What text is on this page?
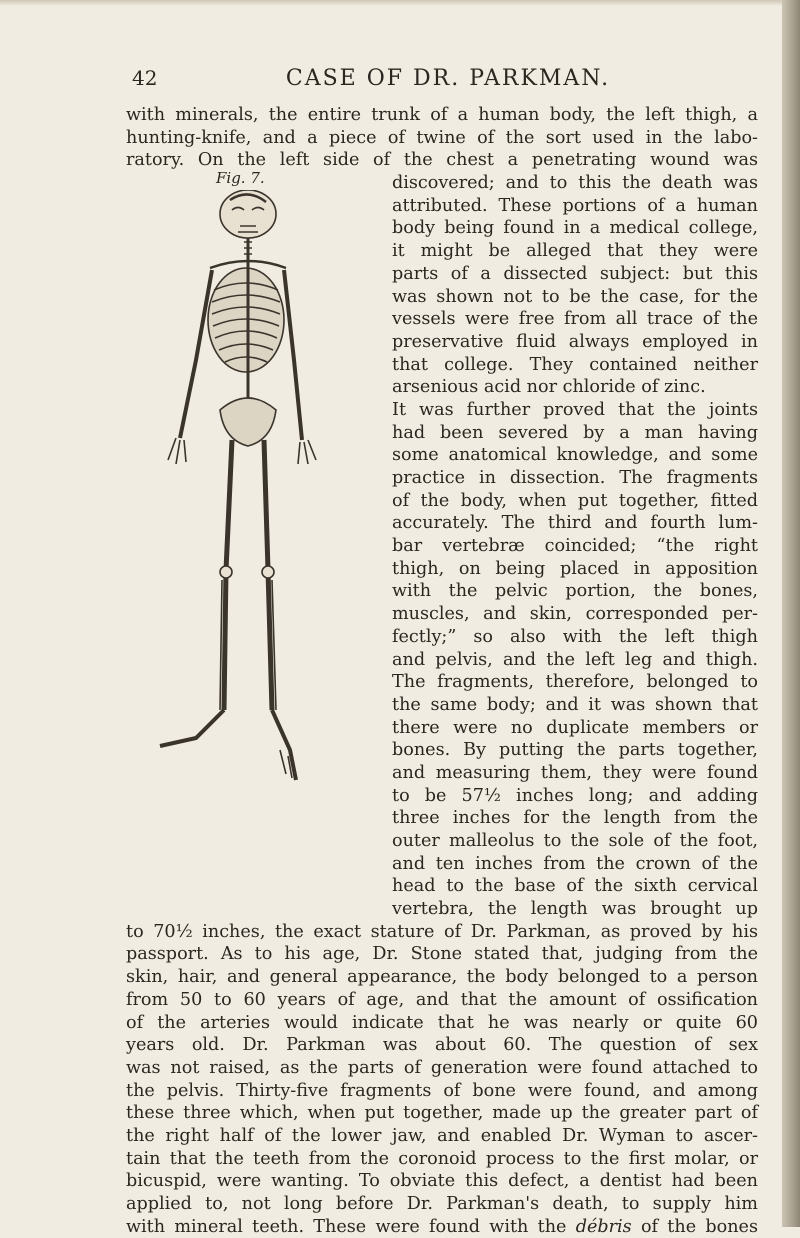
42	CASE OF DR. PARKMAN.
Fig. 7.
with minerals, the entire trunk of a human body, the left thigh, a
hunting-knife, and a piece of twine of the sort used in the labo-
ratory. On the left side of the chest a penetrating wound was
discovered; and to this the death was
attributed. These portions of a human
body being found in a medical college,
it might be alleged that they were
parts of a dissected subject: but this
was shown not to be the case, for the
vessels were free from all trace of the
preservative fluid always employed in
that college. They contained neither
arsenious acid nor chloride of zinc.
It was further proved that the joints
had been severed by a man having
some anatomical knowledge, and some
practice in dissection. The fragments
of the body, when put together, fitted
accurately. The third and fourth lum-
bar vertebræ coincided; “the right
thigh, on being placed in apposition
with the pelvic portion, the bones,
muscles, and skin, corresponded per-
fectly;” so also with the left thigh
and pelvis, and the left leg and thigh.
The fragments, therefore, belonged to
the same body; and it was shown that
there were no duplicate members or
bones. By putting the parts together,
and measuring them, they were found
to be 57½ inches long; and adding
three inches for the length from the
outer malleolus to the sole of the foot,
and ten inches from the crown of the
head to the base of the sixth cervical
vertebra, the length was brought up
to 70½ inches, the exact stature of Dr. Parkman, as proved by his
passport. As to his age, Dr. Stone stated that, judging from the
skin, hair, and general appearance, the body belonged to a person
from 50 to 60 years of age, and that the amount of ossification
of the arteries would indicate that he was nearly or quite 60
years old. Dr. Parkman was about 60. The question of sex
was not raised, as the parts of generation were found attached to
the pelvis. Thirty-five fragments of bone were found, and among
these three which, when put together, made up the greater part of
the right half of the lower jaw, and enabled Dr. Wyman to ascer-
tain that the teeth from the coronoid process to the first molar, or
bicuspid, were wanting. To obviate this defect, a dentist had been
applied to, not long before Dr. Parkman's death, to supply him
with mineral teeth. These were found with the débris of the bones
